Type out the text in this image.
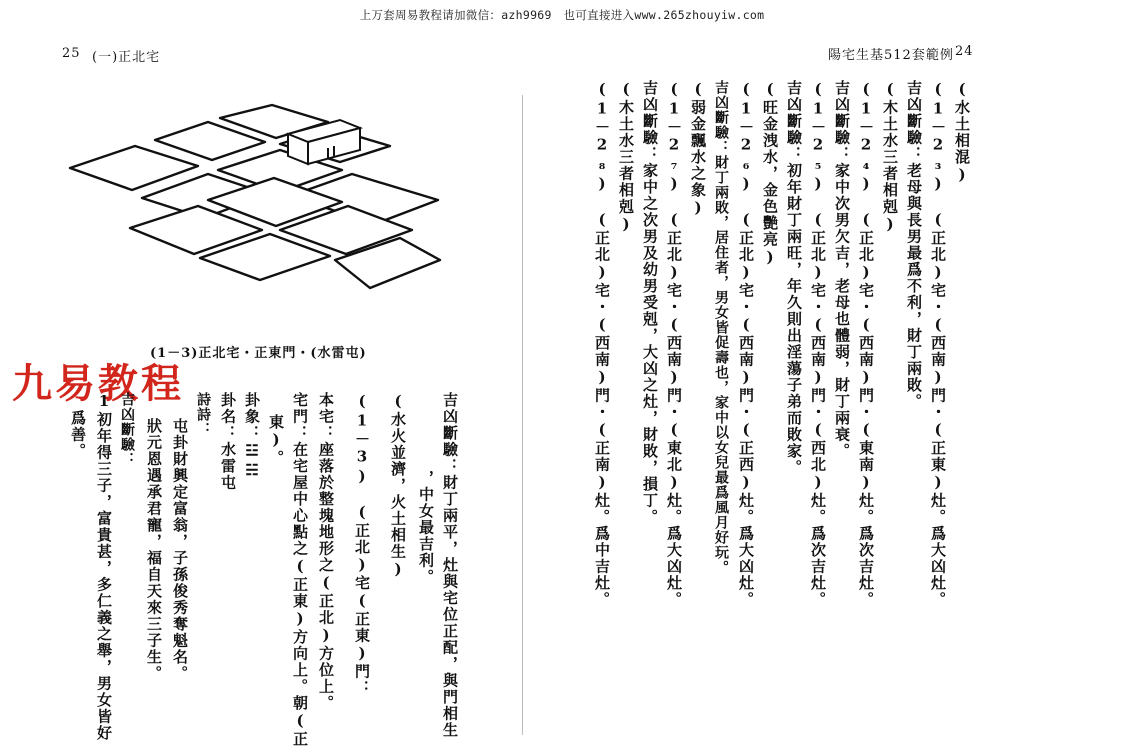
上万套周易教程请加微信：azh9969　也可直接进入www.265zhouyiw.com
25 (一)正北宅
(1－3)正北宅・正東門・(水雷屯)
九易教程
吉凶斷驗：財丁兩平，灶與宅位正配，與門相生
，中女最吉利。
(水火並濟，火土相生)
(1－3)　(正北)宅(正東)門：
本宅：座落於整塊地形之(正北)方位上。
宅門：在宅屋中心點之(正東)方向上。朝(正
東)。
卦象：☳☵
卦名：水雷屯
詩詩：
屯卦財興定富翁，子孫俊秀奪魁名。
狀元恩遇承君寵，福自天來三子生。
吉凶斷驗：
1初年得三子，富貴甚，多仁義之舉，男女皆好
爲善。
陽宅生基512套範例 24
(水土相混)
(1－2₃)　(正北)宅・(西南)門・(正東)灶。爲大凶灶。
吉凶斷驗：老母與長男最爲不利，財丁兩敗。
(木土水三者相剋)
(1－2₄)　(正北)宅・(西南)門・(東南)灶。爲次吉灶。
吉凶斷驗：家中次男欠吉，老母也體弱，財丁兩衰。
(1－2₅)　(正北)宅・(西南)門・(西北)灶。爲次吉灶。
吉凶斷驗：初年財丁兩旺，年久則出淫蕩子弟而敗家。
(旺金洩水，金色艷亮)
(1－2₆)　(正北)宅・(西南)門・(正西)灶。爲大凶灶。
吉凶斷驗：財丁兩敗，居住者，男女皆促壽也，家中以女兒最爲風月好玩。
(弱金飄水之象)
(1－2₇)　(正北)宅・(西南)門・(東北)灶。爲大凶灶。
吉凶斷驗：家中之次男及幼男受剋，大凶之灶，財敗，損丁。
(木土水三者相剋)
(1－2₈)　(正北)宅・(西南)門・(正南)灶。爲中吉灶。
